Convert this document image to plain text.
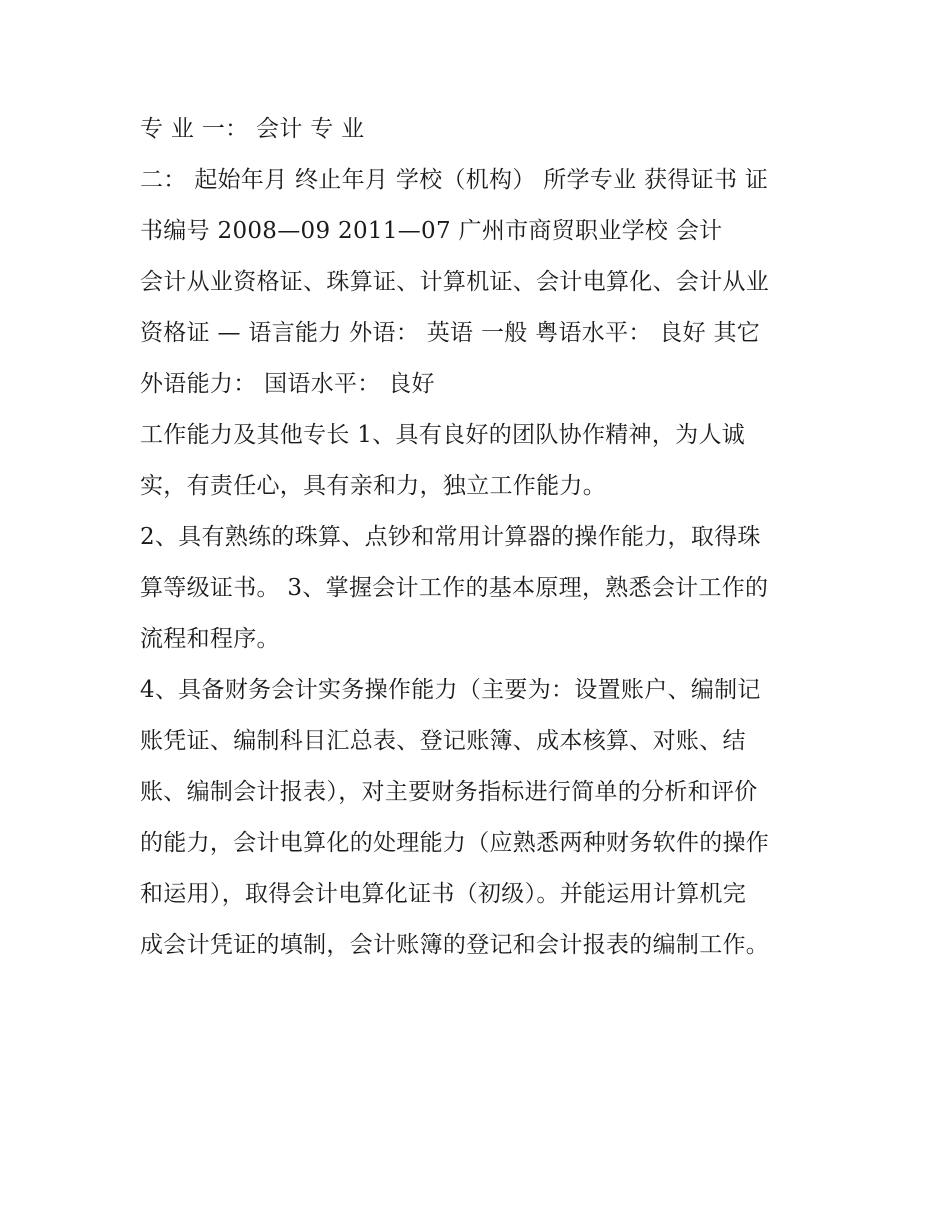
专 业 一： 会计 专 业
二： 起始年月 终止年月 学校（机构） 所学专业 获得证书 证
书编号 2008—09 2011—07 广州市商贸职业学校 会计
会计从业资格证、珠算证、计算机证、会计电算化、会计从业
资格证 — 语言能力 外语： 英语 一般 粤语水平： 良好 其它
外语能力： 国语水平： 良好
工作能力及其他专长 1、具有良好的团队协作精神，为人诚
实，有责任心，具有亲和力，独立工作能力。
2、具有熟练的珠算、点钞和常用计算器的操作能力，取得珠
算等级证书。 3、掌握会计工作的基本原理，熟悉会计工作的
流程和程序。
4、具备财务会计实务操作能力（主要为：设置账户、编制记
账凭证、编制科目汇总表、登记账簿、成本核算、对账、结
账、编制会计报表），对主要财务指标进行简单的分析和评价
的能力，会计电算化的处理能力（应熟悉两种财务软件的操作
和运用），取得会计电算化证书（初级）。并能运用计算机完
成会计凭证的填制，会计账簿的登记和会计报表的编制工作。
